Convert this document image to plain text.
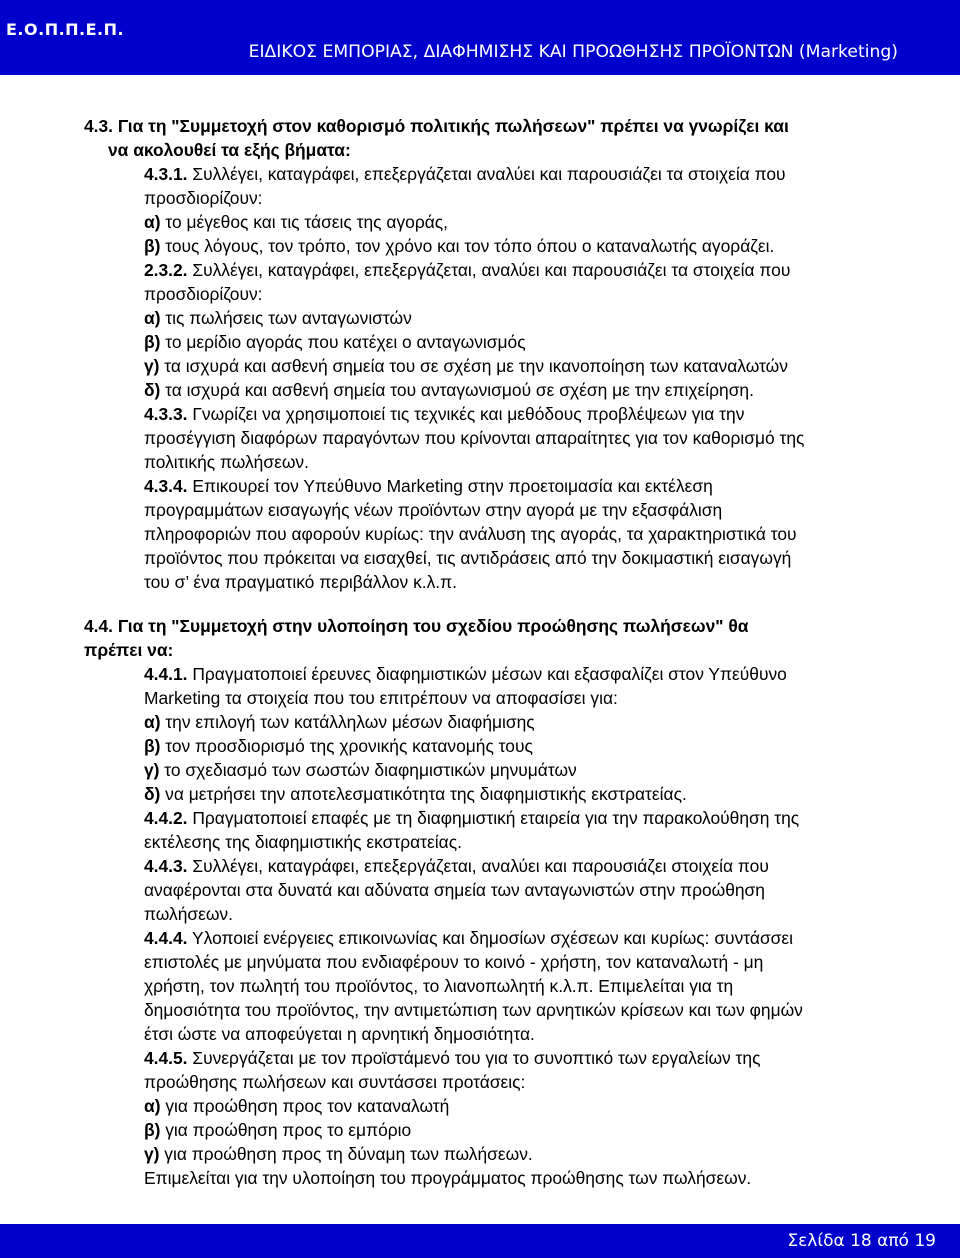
Ε.Ο.Π.Π.Ε.Π.
ΕΙΔΙΚΟΣ ΕΜΠΟΡΙΑΣ, ΔΙΑΦΗΜΙΣΗΣ ΚΑΙ ΠΡΟΩΘΗΣΗΣ ΠΡΟΪΟΝΤΩΝ (Marketing)
4.3. Για τη "Συμμετοχή στον καθορισμό πολιτικής πωλήσεων" πρέπει να γνωρίζει και
να ακολουθεί τα εξής βήματα:
4.3.1. Συλλέγει, καταγράφει, επεξεργάζεται αναλύει και παρουσιάζει τα στοιχεία που
προσδιορίζουν:
α) το μέγεθος και τις τάσεις της αγοράς,
β) τους λόγους, τον τρόπο, τον χρόνο και τον τόπο όπου ο καταναλωτής αγοράζει.
2.3.2. Συλλέγει, καταγράφει, επεξεργάζεται, αναλύει και παρουσιάζει τα στοιχεία που
προσδιορίζουν:
α) τις πωλήσεις των ανταγωνιστών
β) το μερίδιο αγοράς που κατέχει ο ανταγωνισμός
γ) τα ισχυρά και ασθενή σημεία του σε σχέση με την ικανοποίηση των καταναλωτών
δ) τα ισχυρά και ασθενή σημεία του ανταγωνισμού σε σχέση με την επιχείρηση.
4.3.3. Γνωρίζει να χρησιμοποιεί τις τεχνικές και μεθόδους προβλέψεων για την
προσέγγιση διαφόρων παραγόντων που κρίνονται απαραίτητες για τον καθορισμό της
πολιτικής πωλήσεων.
4.3.4. Επικουρεί τον Υπεύθυνο Marketing στην προετοιμασία και εκτέλεση
προγραμμάτων εισαγωγής νέων προϊόντων στην αγορά με την εξασφάλιση
πληροφοριών που αφορούν κυρίως: την ανάλυση της αγοράς, τα χαρακτηριστικά του
προϊόντος που πρόκειται να εισαχθεί, τις αντιδράσεις από την δοκιμαστική εισαγωγή
του σ’ ένα πραγματικό περιβάλλον κ.λ.π.
4.4. Για τη "Συμμετοχή στην υλοποίηση του σχεδίου προώθησης πωλήσεων" θα
πρέπει να:
4.4.1. Πραγματοποιεί έρευνες διαφημιστικών μέσων και εξασφαλίζει στον Υπεύθυνο
Marketing τα στοιχεία που του επιτρέπουν να αποφασίσει για:
α) την επιλογή των κατάλληλων μέσων διαφήμισης
β) τον προσδιορισμό της χρονικής κατανομής τους
γ) το σχεδιασμό των σωστών διαφημιστικών μηνυμάτων
δ) να μετρήσει την αποτελεσματικότητα της διαφημιστικής εκστρατείας.
4.4.2. Πραγματοποιεί επαφές με τη διαφημιστική εταιρεία για την παρακολούθηση της
εκτέλεσης της διαφημιστικής εκστρατείας.
4.4.3. Συλλέγει, καταγράφει, επεξεργάζεται, αναλύει και παρουσιάζει στοιχεία που
αναφέρονται στα δυνατά και αδύνατα σημεία των ανταγωνιστών στην προώθηση
πωλήσεων.
4.4.4. Υλοποιεί ενέργειες επικοινωνίας και δημοσίων σχέσεων και κυρίως: συντάσσει
επιστολές με μηνύματα που ενδιαφέρουν το κοινό - χρήστη, τον καταναλωτή - μη
χρήστη, τον πωλητή του προϊόντος, το λιανοπωλητή κ.λ.π. Επιμελείται για τη
δημοσιότητα του προϊόντος, την αντιμετώπιση των αρνητικών κρίσεων και των φημών
έτσι ώστε να αποφεύγεται η αρνητική δημοσιότητα.
4.4.5. Συνεργάζεται με τον προϊστάμενό του για το συνοπτικό των εργαλείων της
προώθησης πωλήσεων και συντάσσει προτάσεις:
α) για προώθηση προς τον καταναλωτή
β) για προώθηση προς το εμπόριο
γ) για προώθηση προς τη δύναμη των πωλήσεων.
Επιμελείται για την υλοποίηση του προγράμματος προώθησης των πωλήσεων.
Σελίδα 18 από 19
